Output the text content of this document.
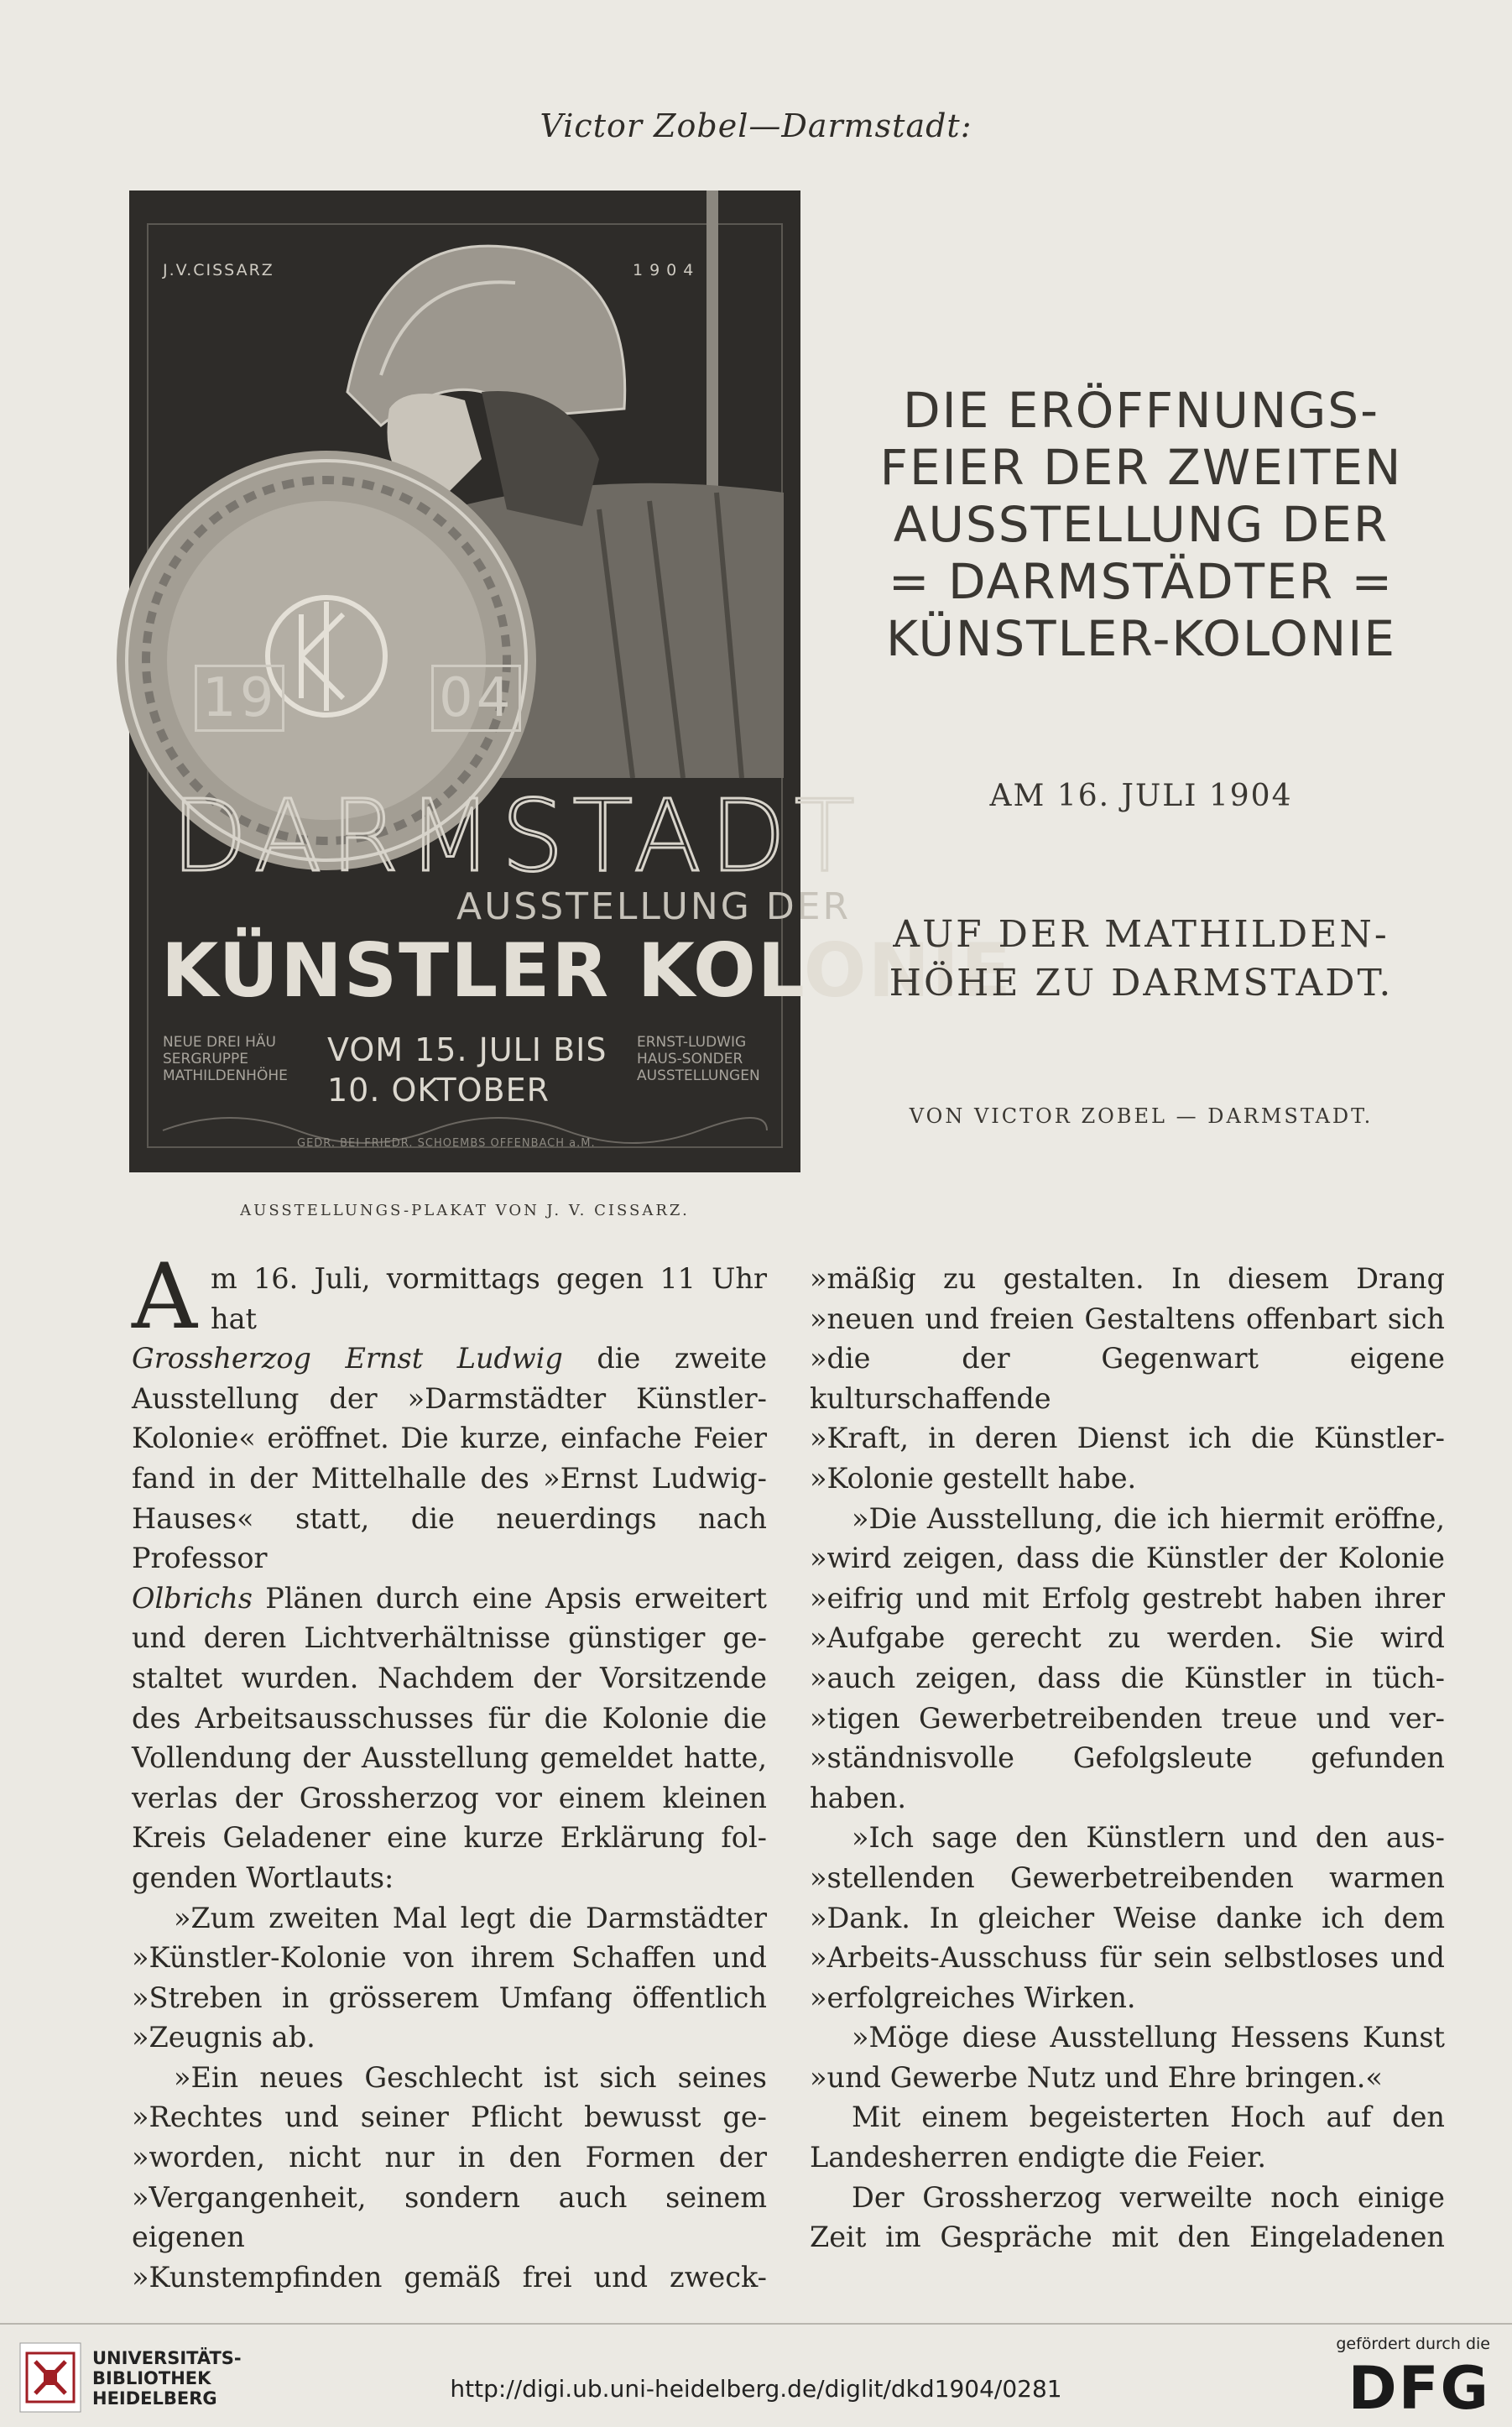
Victor Zobel—Darmstadt:
J.V.CISSARZ	1904
19	04
DARMSTADT
AUSSTELLUNG DER
KÜNSTLER KOLONIE
NEUE DREI HÄU SERGRUPPE MATHILDENHÖHE
VOM 15. JULI BIS
10. OKTOBER
ERNST-LUDWIG HAUS-SONDER AUSSTELLUNGEN
GEDR. BEI FRIEDR. SCHOEMBS OFFENBACH a.M.
AUSSTELLUNGS-PLAKAT VON J. V. CISSARZ.
DIE ERÖFFNUNGS-
FEIER DER ZWEITEN
AUSSTELLUNG DER
= DARMSTÄDTER =
KÜNSTLER-KOLONIE
AM 16. JULI 1904
AUF DER MATHILDEN-
HÖHE ZU DARMSTADT.
VON VICTOR ZOBEL — DARMSTADT.
A m 16. Juli, vormittags gegen 11 Uhr hat

Grossherzog Ernst Ludwig die zweite

Ausstellung der »Darmstädter Künstler-

Kolonie« eröffnet. Die kurze, einfache Feier

fand in der Mittelhalle des »Ernst Ludwig-

Hauses« statt, die neuerdings nach Professor

Olbrichs Plänen durch eine Apsis erweitert

und deren Lichtverhältnisse günstiger ge-

staltet wurden. Nachdem der Vorsitzende

des Arbeitsausschusses für die Kolonie die

Vollendung der Ausstellung gemeldet hatte,

verlas der Grossherzog vor einem kleinen

Kreis Geladener eine kurze Erklärung fol-

genden Wortlauts:

»Zum zweiten Mal legt die Darmstädter

»Künstler-Kolonie von ihrem Schaffen und

»Streben in grösserem Umfang öffentlich

»Zeugnis ab.

»Ein neues Geschlecht ist sich seines

»Rechtes und seiner Pflicht bewusst ge-

»worden, nicht nur in den Formen der

»Vergangenheit, sondern auch seinem eigenen

»Kunstempfinden gemäß frei und zweck-

»mäßig zu gestalten. In diesem Drang

»neuen und freien Gestaltens offenbart sich

»die der Gegenwart eigene kulturschaffende

»Kraft, in deren Dienst ich die Künstler-

»Kolonie gestellt habe.

»Die Ausstellung, die ich hiermit eröffne,

»wird zeigen, dass die Künstler der Kolonie

»eifrig und mit Erfolg gestrebt haben ihrer

»Aufgabe gerecht zu werden. Sie wird

»auch zeigen, dass die Künstler in tüch-

»tigen Gewerbetreibenden treue und ver-

»ständnisvolle Gefolgsleute gefunden haben.

»Ich sage den Künstlern und den aus-

»stellenden Gewerbetreibenden warmen

»Dank. In gleicher Weise danke ich dem

»Arbeits-Ausschuss für sein selbstloses und

»erfolgreiches Wirken.

»Möge diese Ausstellung Hessens Kunst

»und Gewerbe Nutz und Ehre bringen.«

Mit einem begeisterten Hoch auf den

Landesherren endigte die Feier.

Der Grossherzog verweilte noch einige

Zeit im Gespräche mit den Eingeladenen

UNIVERSITÄTS-
BIBLIOTHEK
HEIDELBERG	http://digi.ub.uni-heidelberg.de/diglit/dkd1904/0281
gefördert durch die
DFG
